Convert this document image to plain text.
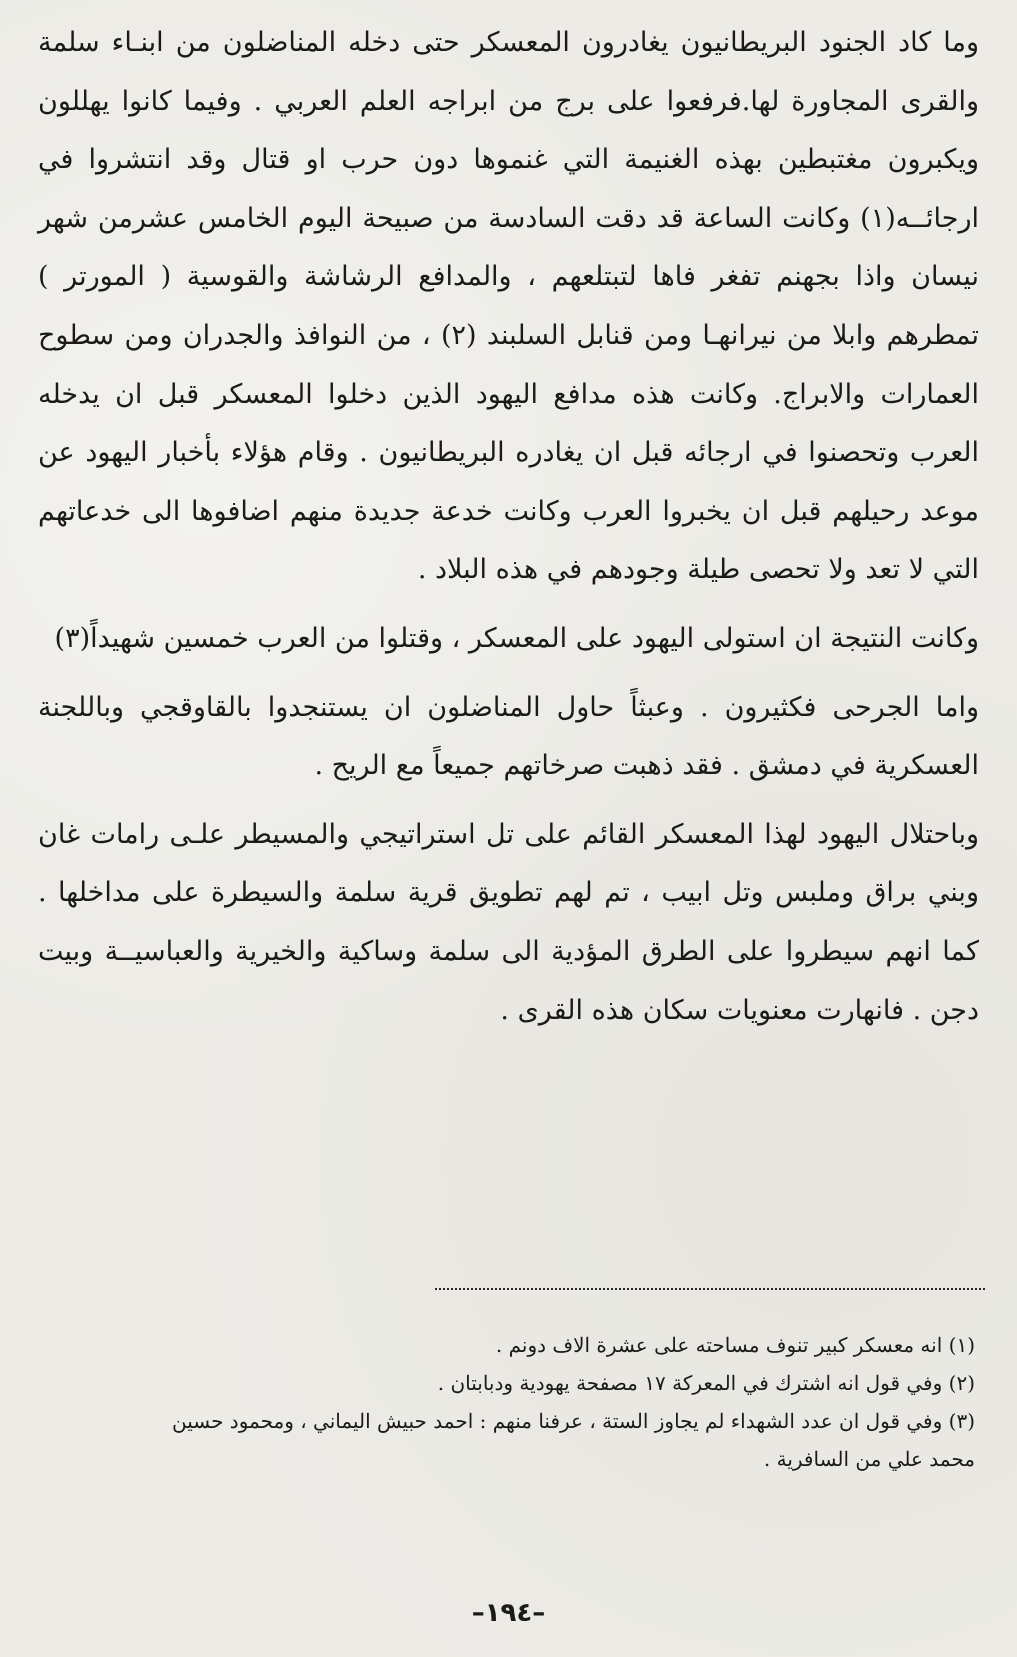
وما كاد الجنود البريطانيون يغادرون المعسكر حتى دخله المناضلون من ابنـاء سلمة والقرى المجاورة لها.فرفعوا على برج من ابراجه العلم العربي . وفيما كانوا يهللون ويكبرون مغتبطين بهذه الغنيمة التي غنموها دون حرب او قتال وقد انتشروا في ارجائــه(١) وكانت الساعة قد دقت السادسة من صبيحة اليوم الخامس عشرمن شهر نيسان واذا بجهنم تفغر فاها لتبتلعهم ، والمدافع الرشاشة والقوسية ( المورتر ) تمطرهم وابلا من نيرانهـا ومن قنابل السلبند (٢) ، من النوافذ والجدران ومن سطوح العمارات والابراج. وكانت هذه مدافع اليهود الذين دخلوا المعسكر قبل ان يدخله العرب وتحصنوا في ارجائه قبل ان يغادره البريطانيون . وقام هؤلاء بأخبار اليهود عن موعد رحيلهم قبل ان يخبروا العرب وكانت خدعة جديدة منهم اضافوها الى خدعاتهم التي لا تعد ولا تحصى طيلة وجودهم في هذه البلاد .

وكانت النتيجة ان استولى اليهود على المعسكر ، وقتلوا من العرب خمسين شهيداً(٣)

واما الجرحى فكثيرون . وعبثاً حاول المناضلون ان يستنجدوا بالقاوقجي وباللجنة العسكرية في دمشق . فقد ذهبت صرخاتهم جميعاً مع الريح .

وباحتلال اليهود لهذا المعسكر القائم على تل استراتيجي والمسيطر علـى رامات غان وبني براق وملبس وتل ابيب ، تم لهم تطويق قرية سلمة والسيطرة على مداخلها . كما انهم سيطروا على الطرق المؤدية الى سلمة وساكية والخيرية والعباسيــة وبيت دجن . فانهارت معنويات سكان هذه القرى .

(١) انه معسكر كبير تنوف مساحته على عشرة الاف دونم .
(٢) وفي قول انه اشترك في المعركة ١٧ مصفحة يهودية ودبابتان .
(٣) وفي قول ان عدد الشهداء لم يجاوز الستة ، عرفنا منهم : احمد حبيش اليماني ، ومحمود حسين
محمد علي من السافرية .
–١٩٤–
